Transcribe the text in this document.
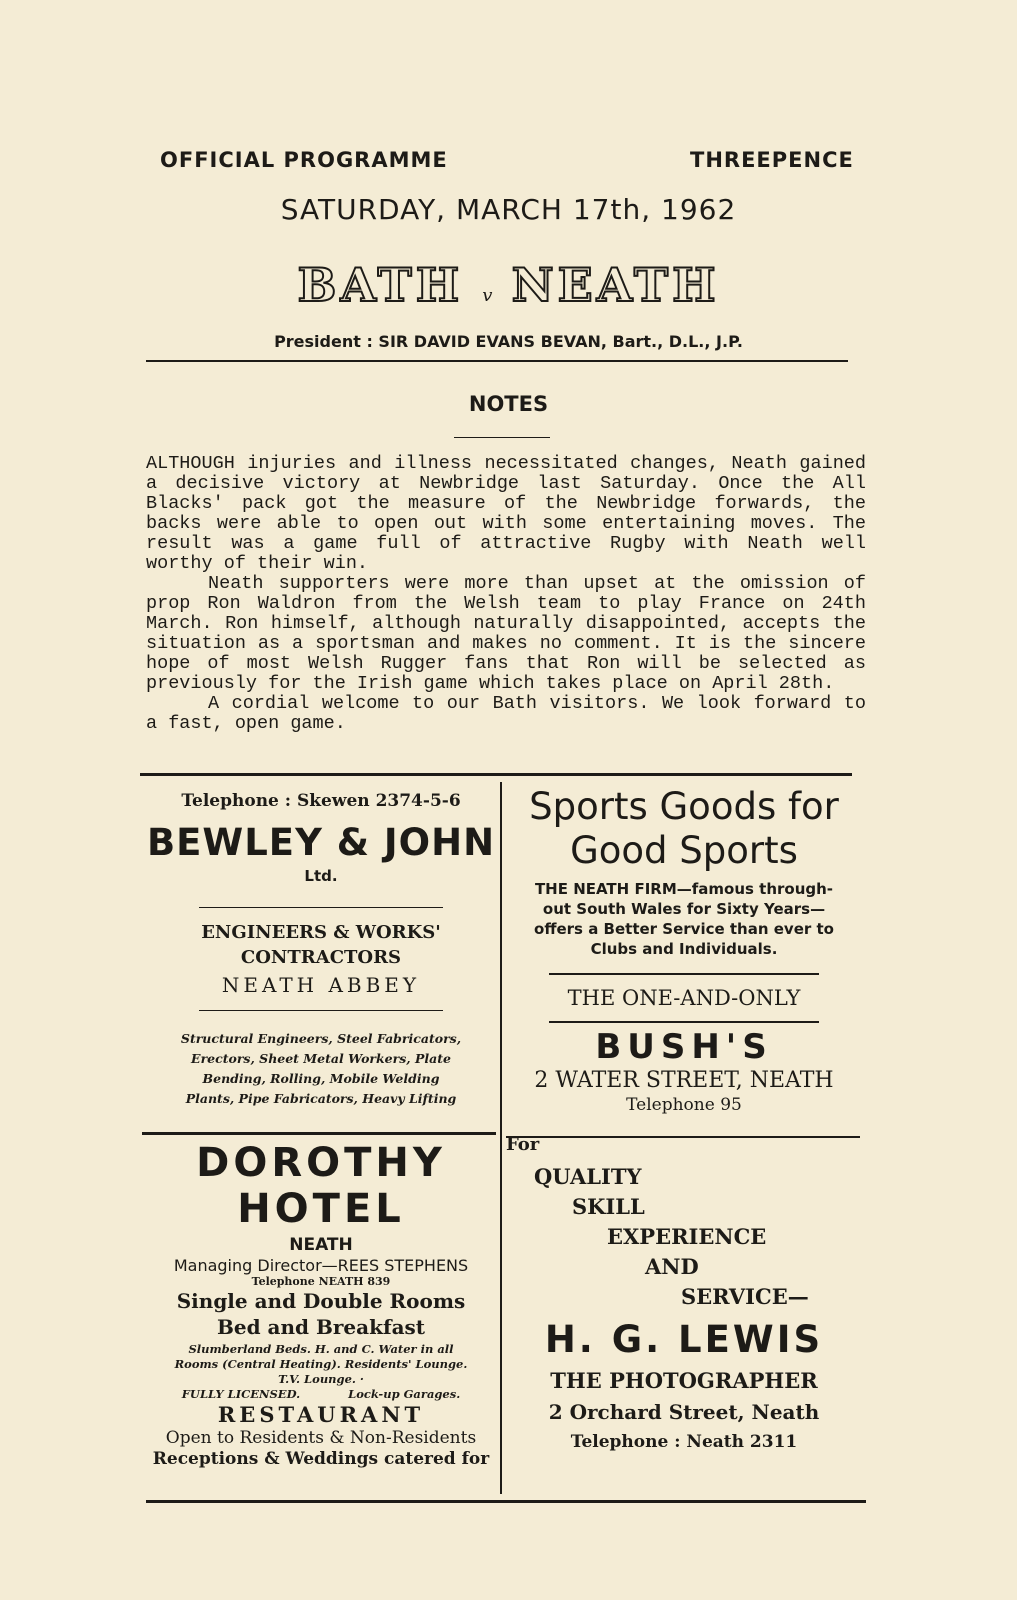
OFFICIAL PROGRAMME	THREEPENCE
SATURDAY, MARCH 17th, 1962
BATH v NEATH
President : SIR DAVID EVANS BEVAN, Bart., D.L., J.P.
NOTES

ALTHOUGH injuries and illness necessitated changes, Neath gained a decisive victory at Newbridge last Saturday. Once the All Blacks' pack got the measure of the Newbridge forwards, the backs were able to open out with some entertaining moves. The result was a game full of attractive Rugby with Neath well worthy of their win.

Neath supporters were more than upset at the omission of prop Ron Waldron from the Welsh team to play France on 24th March. Ron himself, although naturally disappointed, accepts the situation as a sportsman and makes no comment. It is the sincere hope of most Welsh Rugger fans that Ron will be selected as previously for the Irish game which takes place on April 28th.

A cordial welcome to our Bath visitors. We look forward to a fast, open game.

Telephone : Skewen 2374-5-6
BEWLEY & JOHN
Ltd.
ENGINEERS & WORKS'
CONTRACTORS
NEATH ABBEY
Structural Engineers, Steel Fabricators,
Erectors, Sheet Metal Workers, Plate
Bending, Rolling, Mobile Welding
Plants, Pipe Fabricators, Heavy Lifting
Sports Goods for
Good Sports
THE NEATH FIRM—famous through-
out South Wales for Sixty Years—
offers a Better Service than ever to
Clubs and Individuals.
THE ONE-AND-ONLY
BUSH'S
2 WATER STREET, NEATH
Telephone 95
DOROTHY
HOTEL
NEATH
Managing Director—REES STEPHENS
Telephone NEATH 839
Single and Double Rooms
Bed and Breakfast
Slumberland Beds. H. and C. Water in all
Rooms (Central Heating). Residents' Lounge.
T.V. Lounge. ·
FULLY LICENSED.	Lock-up Garages.
RESTAURANT
Open to Residents & Non-Residents
Receptions & Weddings catered for
For
QUALITY
SKILL
EXPERIENCE
AND
SERVICE—
H. G. LEWIS
THE PHOTOGRAPHER
2 Orchard Street, Neath
Telephone : Neath 2311
